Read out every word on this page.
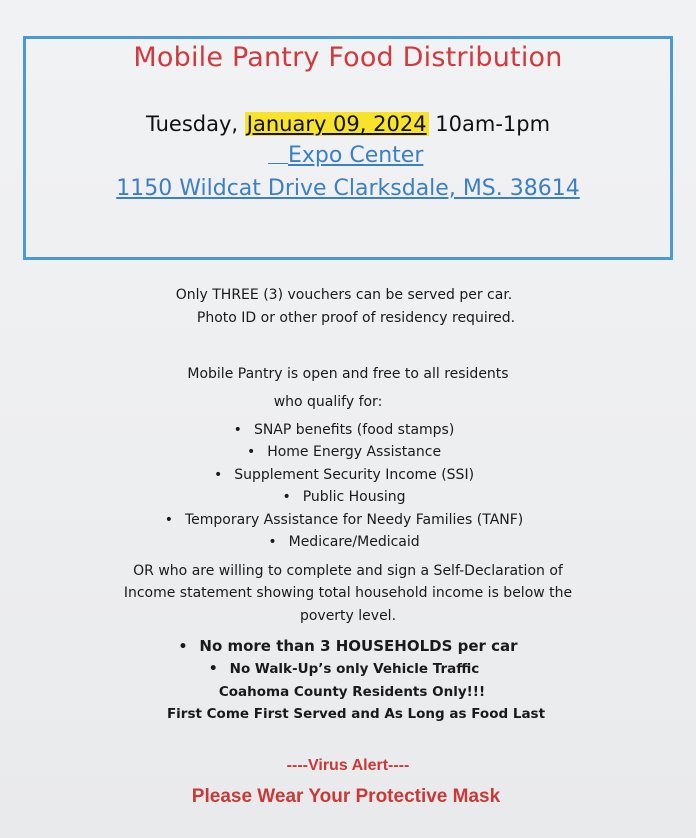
Mobile Pantry Food Distribution
Tuesday, January 09, 2024 10am-1pm
Expo Center
1150 Wildcat Drive Clarksdale, MS. 38614
Only THREE (3) vouchers can be served per car.
Photo ID or other proof of residency required.
Mobile Pantry is open and free to all residents
who qualify for:
• SNAP benefits (food stamps)
• Home Energy Assistance
• Supplement Security Income (SSI)
• Public Housing
• Temporary Assistance for Needy Families (TANF)
• Medicare/Medicaid
OR who are willing to complete and sign a Self-Declaration of
Income statement showing total household income is below the
poverty level.
• No more than 3 HOUSEHOLDS per car
• No Walk-Up’s only Vehicle Traffic
Coahoma County Residents Only!!!
First Come First Served and As Long as Food Last
----Virus Alert----
Please Wear Your Protective Mask
